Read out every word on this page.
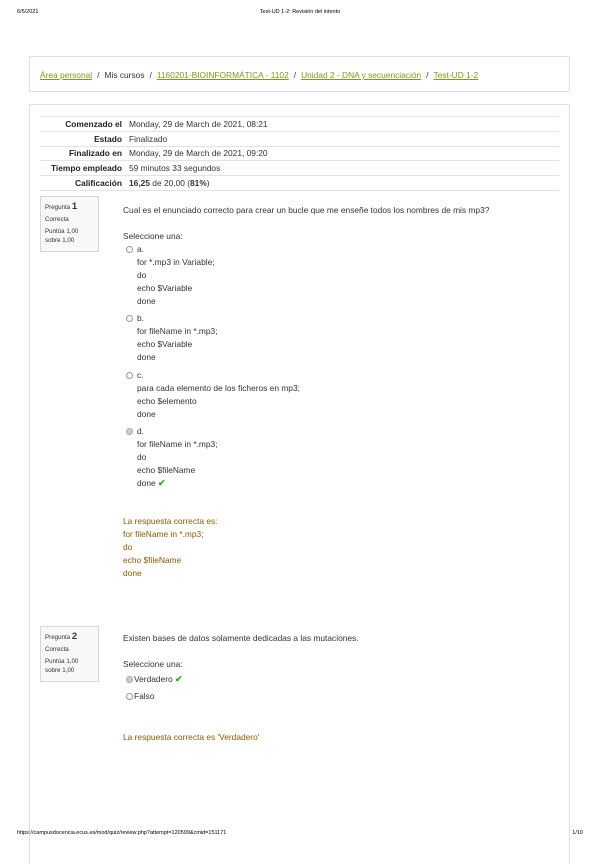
6/5/2021	Test-UD 1-2: Revisión del intento
Área personal / Mis cursos / 1160201-BIOINFORMÁTICA - 1102 / Unidad 2 - DNA y secuenciación / Test-UD 1-2
Comenzado el	Monday, 29 de March de 2021, 08:21
Estado	Finalizado
Finalizado en	Monday, 29 de March de 2021, 09:20
Tiempo empleado	59 minutos 33 segundos
Calificación	16,25 de 20,00 (81%)
Pregunta 1
Correcta
Puntúa 1,00 sobre 1,00
Cual es el enunciado correcto para crear un bucle que me enseñe todos los nombres de mis mp3?
Seleccione una:
a.
for *.mp3 in Variable;
do
echo $Variable
done
b.
for fileName in *.mp3;
echo $Variable
done
c.
para cada elemento de los ficheros en mp3;
echo $elemento
done
d.
for fileName in *.mp3;
do
echo $fileName
done ✔
La respuesta correcta es:
for fileName in *.mp3;
do
echo $fileName
done
Pregunta 2
Correcta
Puntúa 1,00 sobre 1,00
Existen bases de datos solamente dedicadas a las mutaciones.
Seleccione una:
Verdadero ✔
Falso
La respuesta correcta es 'Verdadero'
https://campusdocencia.ecus.es/mod/quiz/review.php?attempt=120599&cmid=151171	1/10
